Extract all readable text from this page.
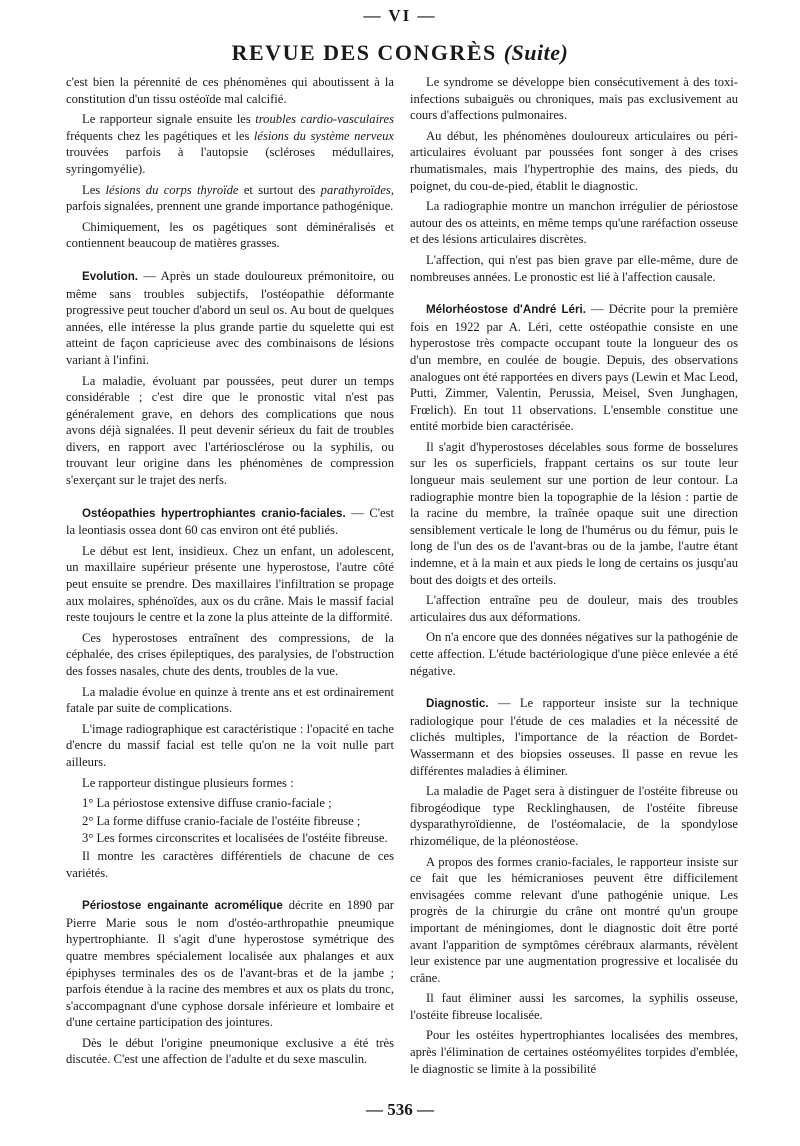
— VI —
REVUE DES CONGRÈS (Suite)

c'est bien la pérennité de ces phénomènes qui aboutissent à la constitution d'un tissu ostéoïde mal calcifié.

Le rapporteur signale ensuite les troubles cardio-vasculaires fréquents chez les pagétiques et les lésions du système nerveux trouvées parfois à l'autopsie (scléroses médullaires, syringomyélie).

Les lésions du corps thyroïde et surtout des parathyroïdes, parfois signalées, prennent une grande importance pathogénique.

Chimiquement, les os pagétiques sont déminéralisés et contiennent beaucoup de matières grasses.

Evolution. — Après un stade douloureux prémonitoire, ou même sans troubles subjectifs, l'ostéopathie déformante progressive peut toucher d'abord un seul os. Au bout de quelques années, elle intéresse la plus grande partie du squelette qui est atteint de façon capricieuse avec des combinaisons de lésions variant à l'infini.

La maladie, évoluant par poussées, peut durer un temps considérable ; c'est dire que le pronostic vital n'est pas généralement grave, en dehors des complications que nous avons déjà signalées. Il peut devenir sérieux du fait de troubles divers, en rapport avec l'artériosclérose ou la syphilis, ou trouvant leur origine dans les phénomènes de compression s'exerçant sur le trajet des nerfs.

Ostéopathies hypertrophiantes cranio-faciales. — C'est la leontiasis ossea dont 60 cas environ ont été publiés.

Le début est lent, insidieux. Chez un enfant, un adolescent, un maxillaire supérieur présente une hyperostose, l'autre côté peut ensuite se prendre. Des maxillaires l'infiltration se propage aux molaires, sphénoïdes, aux os du crâne. Mais le massif facial reste toujours le centre et la zone la plus atteinte de la difformité.

Ces hyperostoses entraînent des compressions, de la céphalée, des crises épileptiques, des paralysies, de l'obstruction des fosses nasales, chute des dents, troubles de la vue.

La maladie évolue en quinze à trente ans et est ordinairement fatale par suite de complications.

L'image radiographique est caractéristique : l'opacité en tache d'encre du massif facial est telle qu'on ne la voit nulle part ailleurs.

Le rapporteur distingue plusieurs formes :

1° La périostose extensive diffuse cranio-faciale ;

2° La forme diffuse cranio-faciale de l'ostéite fibreuse ;

3° Les formes circonscrites et localisées de l'ostéite fibreuse.

Il montre les caractères différentiels de chacune de ces variétés.

Périostose engainante acromélique décrite en 1890 par Pierre Marie sous le nom d'ostéo-arthropathie pneumique hypertrophiante. Il s'agit d'une hyperostose symétrique des quatre membres spécialement localisée aux phalanges et aux épiphyses terminales des os de l'avant-bras et de la jambe ; parfois étendue à la racine des membres et aux os plats du tronc, s'accompagnant d'une cyphose dorsale inférieure et lombaire et d'une certaine participation des jointures.

Dès le début l'origine pneumonique exclusive a été très discutée. C'est une affection de l'adulte et du sexe masculin.

Le syndrome se développe bien consécutivement à des toxi-infections subaiguës ou chroniques, mais pas exclusivement au cours d'affections pulmonaires.

Au début, les phénomènes douloureux articulaires ou péri-articulaires évoluant par poussées font songer à des crises rhumatismales, mais l'hypertrophie des mains, des pieds, du poignet, du cou-de-pied, établit le diagnostic.

La radiographie montre un manchon irrégulier de périostose autour des os atteints, en même temps qu'une raréfaction osseuse et des lésions articulaires discrètes.

L'affection, qui n'est pas bien grave par elle-même, dure de nombreuses années. Le pronostic est lié à l'affection causale.

Mélorhéostose d'André Léri. — Décrite pour la première fois en 1922 par A. Léri, cette ostéopathie consiste en une hyperostose très compacte occupant toute la longueur des os d'un membre, en coulée de bougie. Depuis, des observations analogues ont été rapportées en divers pays (Lewin et Mac Leod, Putti, Zimmer, Valentin, Perussia, Meisel, Sven Junghagen, Frœlich). En tout 11 observations. L'ensemble constitue une entité morbide bien caractérisée.

Il s'agit d'hyperostoses décelables sous forme de bosselures sur les os superficiels, frappant certains os sur toute leur longueur mais seulement sur une portion de leur contour. La radiographie montre bien la topographie de la lésion : partie de la racine du membre, la traînée opaque suit une direction sensiblement verticale le long de l'humérus ou du fémur, puis le long de l'un des os de l'avant-bras ou de la jambe, l'autre étant indemne, et à la main et aux pieds le long de certains os jusqu'au bout des doigts et des orteils.

L'affection entraîne peu de douleur, mais des troubles articulaires dus aux déformations.

On n'a encore que des données négatives sur la pathogénie de cette affection. L'étude bactériologique d'une pièce enlevée a été négative.

Diagnostic. — Le rapporteur insiste sur la technique radiologique pour l'étude de ces maladies et la nécessité de clichés multiples, l'importance de la réaction de Bordet-Wassermann et des biopsies osseuses. Il passe en revue les différentes maladies à éliminer.

La maladie de Paget sera à distinguer de l'ostéite fibreuse ou fibrogéodique type Recklinghausen, de l'ostéite fibreuse dysparathyroïdienne, de l'ostéomalacie, de la spondylose rhizomélique, de la pléonostéose.

A propos des formes cranio-faciales, le rapporteur insiste sur ce fait que les hémicranioses peuvent être difficilement envisagées comme relevant d'une pathogénie unique. Les progrès de la chirurgie du crâne ont montré qu'un groupe important de méningiomes, dont le diagnostic doit être porté avant l'apparition de symptômes cérébraux alarmants, révèlent leur existence par une augmentation progressive et localisée du crâne.

Il faut éliminer aussi les sarcomes, la syphilis osseuse, l'ostéite fibreuse localisée.

Pour les ostéites hypertrophiantes localisées des membres, après l'élimination de certaines ostéomyélites torpides d'emblée, le diagnostic se limite à la possibilité

— 536 —
